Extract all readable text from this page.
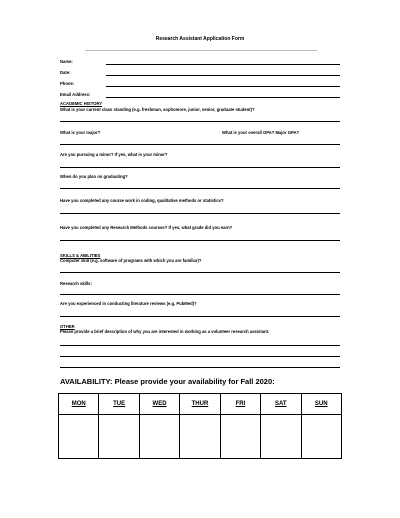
Research Assistant Application Form
Name:
Date:
Phone:
Email Address:
ACADEMIC HISTORY
What is your current class standing (e.g. freshman, sophomore, junior, senior, graduate student)?
What is your major?	What is your overall GPA? Major GPA?
Are you pursuing a minor? If yes, what is your minor?
When do you plan on graduating?
Have you completed any course work in coding, qualitative methods or statistics?
Have you completed any Research Methods courses? If yes, what grade did you earn?
SKILLS & ABILITIES
Computer skill (e.g. software of programs with which you are familiar)?
Research skills:
Are you experienced in conducting literature reviews (e.g. PubMed)?
OTHER
Please provide a brief description of why you are interested in working as a volunteer research assistant.
AVAILABILITY: Please provide your availability for Fall 2020:
MON	TUE	WED	THUR	FRI	SAT	SUN
